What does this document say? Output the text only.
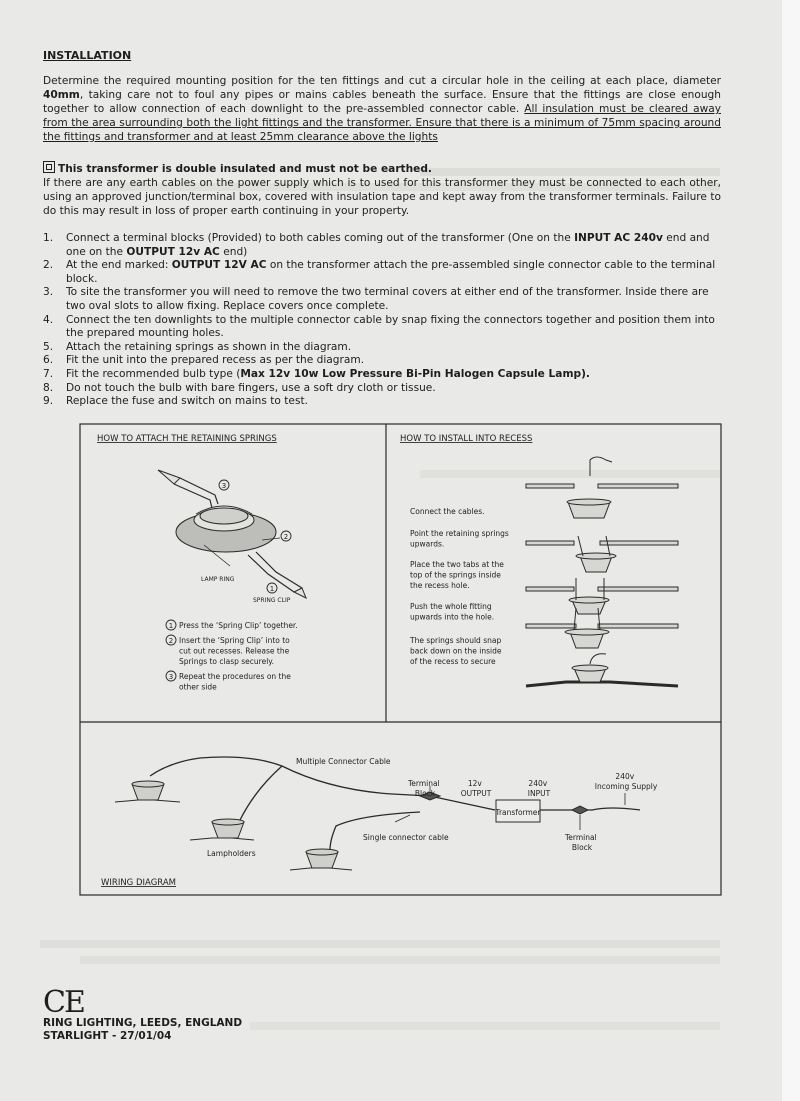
INSTALLATION

Determine the required mounting position for the ten fittings and cut a circular hole in the ceiling at each place, diameter 40mm, taking care not to foul any pipes or mains cables beneath the surface. Ensure that the fittings are close enough together to allow connection of each downlight to the pre-assembled connector cable. All insulation must be cleared away from the area surrounding both the light fittings and the transformer. Ensure that there is a minimum of 75mm spacing around the fittings and transformer and at least 25mm clearance above the lights

This transformer is double insulated and must not be earthed.
If there are any earth cables on the power supply which is to used for this transformer they must be connected to each other, using an approved junction/terminal box, covered with insulation tape and kept away from the transformer terminals. Failure to do this may result in loss of proper earth continuing in your property.

1. Connect a terminal blocks (Provided) to both cables coming out of the transformer (One on the INPUT AC 240v end and one on the OUTPUT 12v AC end)
2. At the end marked: OUTPUT 12V AC on the transformer attach the pre-assembled single connector cable to the terminal block.
3. To site the transformer you will need to remove the two terminal covers at either end of the transformer. Inside there are two oval slots to allow fixing. Replace covers once complete.
4. Connect the ten downlights to the multiple connector cable by snap fixing the connectors together and position them into the prepared mounting holes.
5. Attach the retaining springs as shown in the diagram.
6. Fit the unit into the prepared recess as per the diagram.
7. Fit the recommended bulb type (Max 12v 10w Low Pressure Bi-Pin Halogen Capsule Lamp).
8. Do not touch the bulb with bare fingers, use a soft dry cloth or tissue.
9. Replace the fuse and switch on mains to test.
HOW TO ATTACH THE RETAINING SPRINGS	HOW TO INSTALL INTO RECESS
3
2
1
LAMP RING
SPRING CLIP
1 Press the ‘Spring Clip’ together.
2 Insert the ‘Spring Clip’ into to cut out recesses. Release the Springs to clasp securely.
3 Repeat the procedures on the other side
Connect the cables.
Point the retaining springs upwards.
Place the two tabs at the top of the springs inside the recess hole.
Push the whole fitting upwards into the hole.
The springs should snap back down on the inside of the recess to secure
Transformer
Multiple Connector Cable
Terminal Block
12v OUTPUT
240v INPUT
240v Incoming Supply
Single connector cable	Terminal Block
Lampholders
WIRING DIAGRAM
CE
RING LIGHTING, LEEDS, ENGLAND
STARLIGHT - 27/01/04
